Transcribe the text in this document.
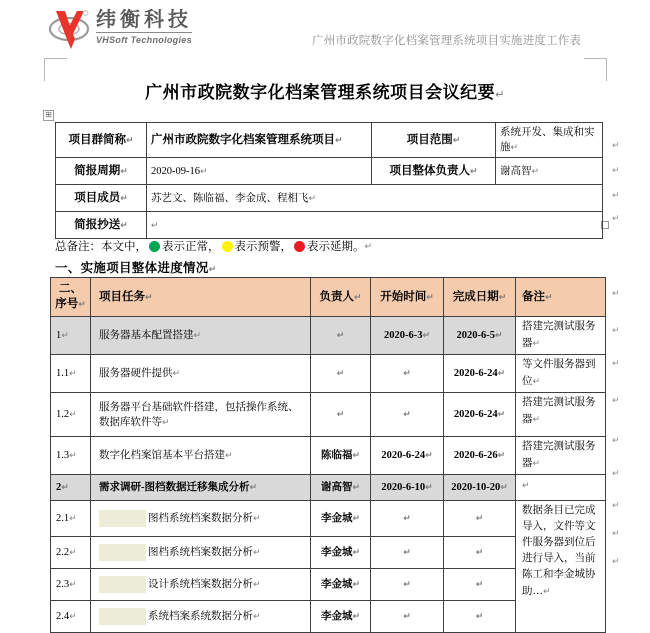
纬衡科技
VHSoft Technologies	广州市政院数字化档案管理系统项目实施进度工作表
广州市政院数字化档案管理系统项目会议纪要↵
⊞
项目群简称↵	广州市政院数字化档案管理系统项目↵	项目范围↵	系统开发、集成和实施↵
简报周期↵	2020-09-16↵	项目整体负责人↵	谢高智↵
项目成员↵	苏艺文、陈临福、李金成、程相飞↵		
简报抄送↵	↵		
总备注：本文中， 表示正常， 表示预警， 表示延期。 ↵
一、实施项目整体进度情况↵
二、序号↵	项目任务↵	负责人↵	开始时间↵	完成日期↵	备注↵
1↵	服务器基本配置搭建↵	↵	2020-6-3↵	2020-6-5↵	搭建完测试服务器↵
1.1↵	服务器硬件提供↵	↵	↵	2020-6-24↵	等文件服务器到位↵
1.2↵	服务器平台基础软件搭建，包括操作系统、数据库软件等↵	↵	↵	2020-6-24↵	搭建完测试服务器↵
1.3↵	数字化档案馆基本平台搭建↵	陈临福↵	2020-6-24↵	2020-6-26↵	搭建完测试服务器↵
2↵	需求调研-图档数据迁移集成分析↵	谢高智↵	2020-6-10↵	2020-10-20↵	↵
2.1↵	图档系统档案数据分析↵	李金城↵	↵	↵	数据条目已完成导入，文件等文件服务器到位后进行导入，当前陈工和李金城协助…↵
2.2↵	图档系统档案数据分析↵	李金城↵	↵	↵	
2.3↵	设计系统档案数据分析↵	李金城↵	↵	↵	
2.4↵	系统档案系统数据分析↵	李金城↵	↵	↵	
↵
↵
↵
↵
↵
↵
↵
↵
↵
↵
↵
↵
↵
